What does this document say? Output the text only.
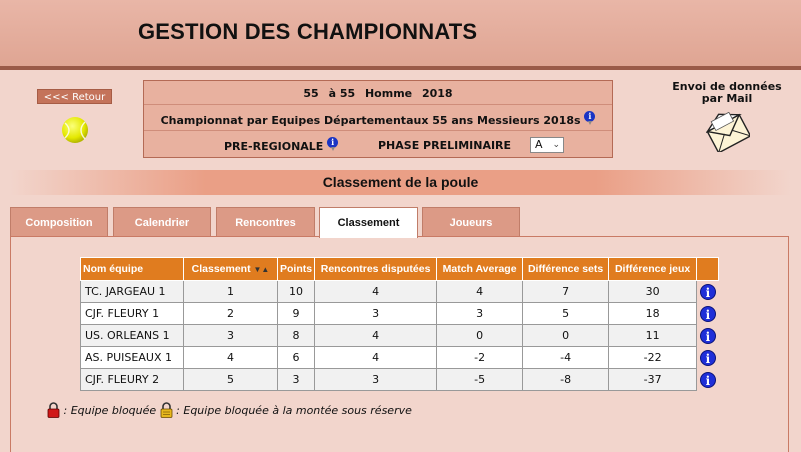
GESTION DES CHAMPIONNATS
<<< Retour	55 à 55 Homme 2018
Championnat par Equipes Départementaux 55 ans Messieurs 2018s i
PRE-REGIONALE i	PHASE PRELIMINAIRE	A ⌄
Envoi de données
par Mail
Classement de la poule
Composition	Calendrier	Rencontres	Classement	Joueurs
Nom équipe	Classement ▼▲	Points	Rencontres disputées	Match Average	Différence sets	Différence jeux	
TC. JARGEAU 1	1	10	4	4	7	30	i
CJF. FLEURY 1	2	9	3	3	5	18	i
US. ORLEANS 1	3	8	4	0	0	11	i
AS. PUISEAUX 1	4	6	4	-2	-4	-22	i
CJF. FLEURY 2	5	3	3	-5	-8	-37	i
: Equipe bloquée : Equipe bloquée à la montée sous réserve
